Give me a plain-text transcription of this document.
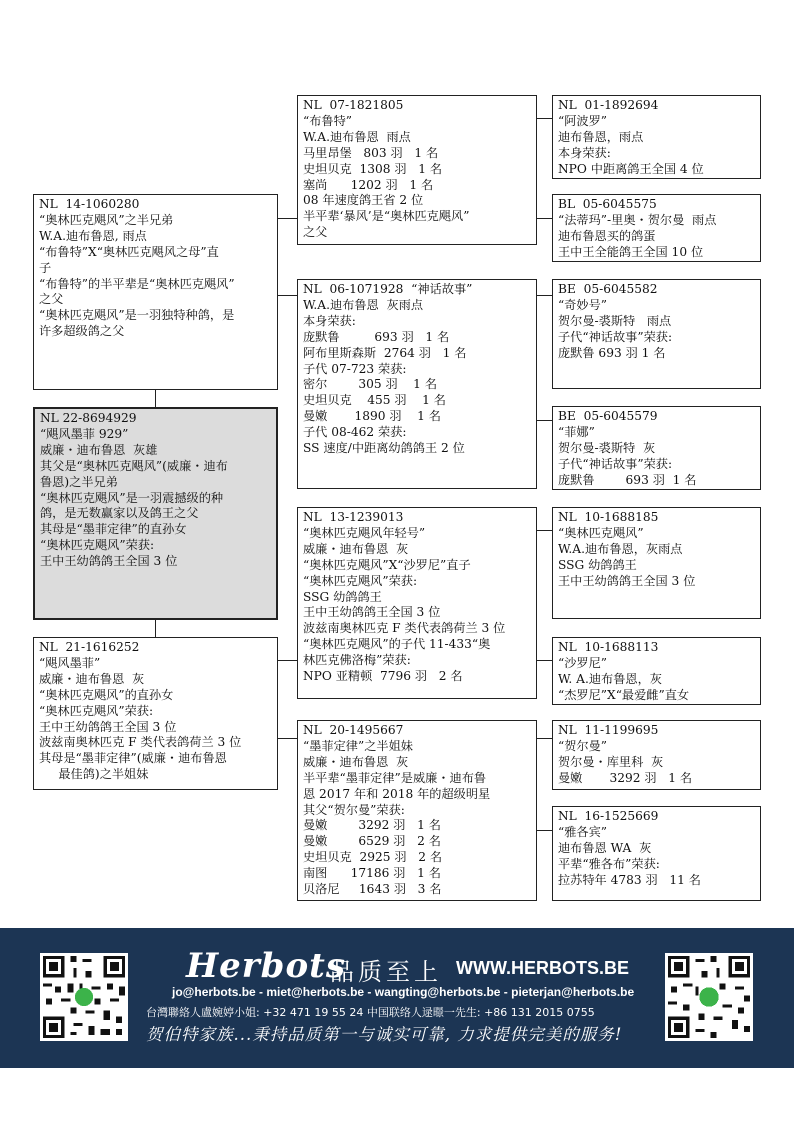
NL  07-1821805
“布鲁特”
W.A.迪布鲁恩  雨点
马里昂堡   803 羽   1 名
史坦贝克  1308 羽   1 名
塞尚      1202 羽   1 名
08 年速度鸽王省 2 位
半平辈‘暴风’是“奥林匹克飓风”
之父
NL  06-1071928  “神话故事”
W.A.迪布鲁恩  灰雨点
本身荣获:
庞默鲁         693 羽   1 名
阿布里斯森斯  2764 羽   1 名
子代 07-723 荣获:
密尔        305 羽    1 名
史坦贝克    455 羽    1 名
曼嫩       1890 羽    1 名
子代 08-462 荣获:
SS 速度/中距离幼鸽鸽王 2 位
NL  13-1239013
“奥林匹克飓风年轻号”
威廉・迪布鲁恩  灰
“奥林匹克飓风”X“沙罗尼”直子
“奥林匹克飓风”荣获:
SSG 幼鸽鸽王
王中王幼鸽鸽王全国 3 位
波兹南奥林匹克 F 类代表鸽荷兰 3 位
“奥林匹克飓风”的子代 11-433“奥
林匹克佛洛梅”荣获:
NPO 亚精顿  7796 羽   2 名
NL  20-1495667
“墨菲定律”之半姐妹
威廉・迪布鲁恩  灰
半平辈“墨菲定律”是威廉・迪布鲁
恩 2017 年和 2018 年的超级明星
其父“贺尔曼”荣获:
曼嫩        3292 羽   1 名
曼嫩        6529 羽   2 名
史坦贝克  2925 羽   2 名
南图      17186 羽   1 名
贝洛尼     1643 羽   3 名
NL  14-1060280
“奥林匹克飓风”之半兄弟
W.A.迪布鲁恩, 雨点
“布鲁特”X“奥林匹克飓风之母”直
子
“布鲁特”的半平辈是“奥林匹克飓风”
之父
“奥林匹克飓风”是一羽独特种鸽，是
许多超级鸽之父
NL 22-8694929
“飓风墨菲 929”
威廉・迪布鲁恩  灰雄
其父是“奥林匹克飓风”(威廉・迪布
鲁恩)之半兄弟
“奥林匹克飓风”是一羽震撼级的种
鸽，是无数赢家以及鸽王之父
其母是“墨菲定律”的直孙女
“奥林匹克飓风”荣获:
王中王幼鸽鸽王全国 3 位
NL  21-1616252
“飓风墨菲”
威廉・迪布鲁恩  灰
“奥林匹克飓风”的直孙女
“奥林匹克飓风”荣获:
王中王幼鸽鸽王全国 3 位
波兹南奥林匹克 F 类代表鸽荷兰 3 位
其母是“墨菲定律”(威廉・迪布鲁恩
最佳鸽)之半姐妹
NL  01-1892694
“阿波罗”
迪布鲁恩，雨点
本身荣获:
NPO 中距离鸽王全国 4 位
BL  05-6045575
“法蒂玛”-里奥・贺尔曼  雨点
迪布鲁恩买的鸽蛋
王中王全能鸽王全国 10 位
BE  05-6045582
“奇妙号”
贺尔曼-裘斯特   雨点
子代“神话故事”荣获:
庞默鲁 693 羽 1 名
BE  05-6045579
“菲娜”
贺尔曼-裘斯特  灰
子代“神话故事”荣获:
庞默鲁        693 羽  1 名
NL  10-1688185
“奥林匹克飓风”
W.A.迪布鲁恩，灰雨点
SSG 幼鸽鸽王
王中王幼鸽鸽王全国 3 位
NL  10-1688113
“沙罗尼”
W. A.迪布鲁恩，灰
“杰罗尼”X“最爱雌”直女
NL  11-1199695
“贺尔曼”
贺尔曼・库里科  灰
曼嫩       3292 羽   1 名
NL  16-1525669
“雅各宾”
迪布鲁恩 WA  灰
平辈“雅各布”荣获:
拉苏特年 4783 羽   11 名
Herbots
品质至上 WWW.HERBOTS.BE
jo@herbots.be - miet@herbots.be - wangting@herbots.be - pieterjan@herbots.be
台灣聯絡人盧婉婷小姐: +32 471 19 55 24 中国联络人逯暻一先生: +86 131 2015 0755
贺伯特家族...秉持品质第一与诚实可靠, 力求提供完美的服务!
